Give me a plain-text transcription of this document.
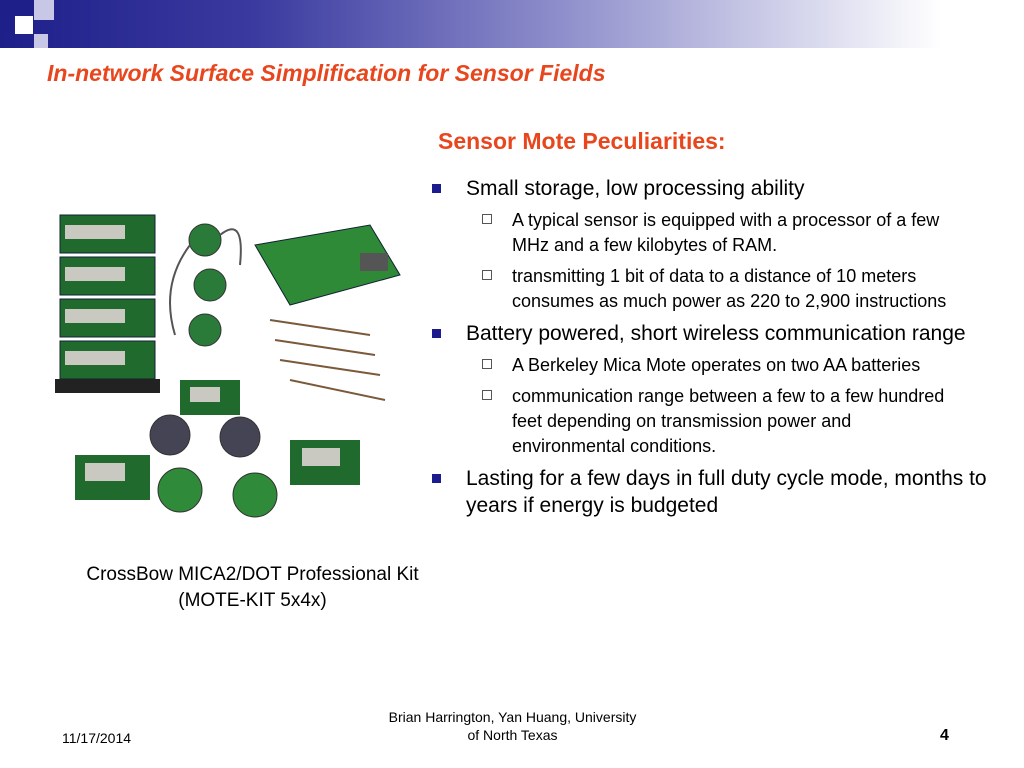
In-network Surface Simplification for Sensor Fields
Sensor Mote Peculiarities:
CrossBow MICA2/DOT Professional Kit
(MOTE-KIT 5x4x)
Small storage, low processing ability
A typical sensor is equipped with a processor of a few MHz and a few kilobytes of RAM.
transmitting 1 bit of data to a distance of 10 meters consumes as much power as 220 to 2,900 instructions
Battery powered, short wireless communication range
A Berkeley Mica Mote operates on two AA batteries
communication range between a few to a few hundred feet depending on transmission power and environmental conditions.
Lasting for a few days in full duty cycle mode, months to years if energy is budgeted
11/17/2014
Brian Harrington, Yan Huang, University
of North Texas	4
